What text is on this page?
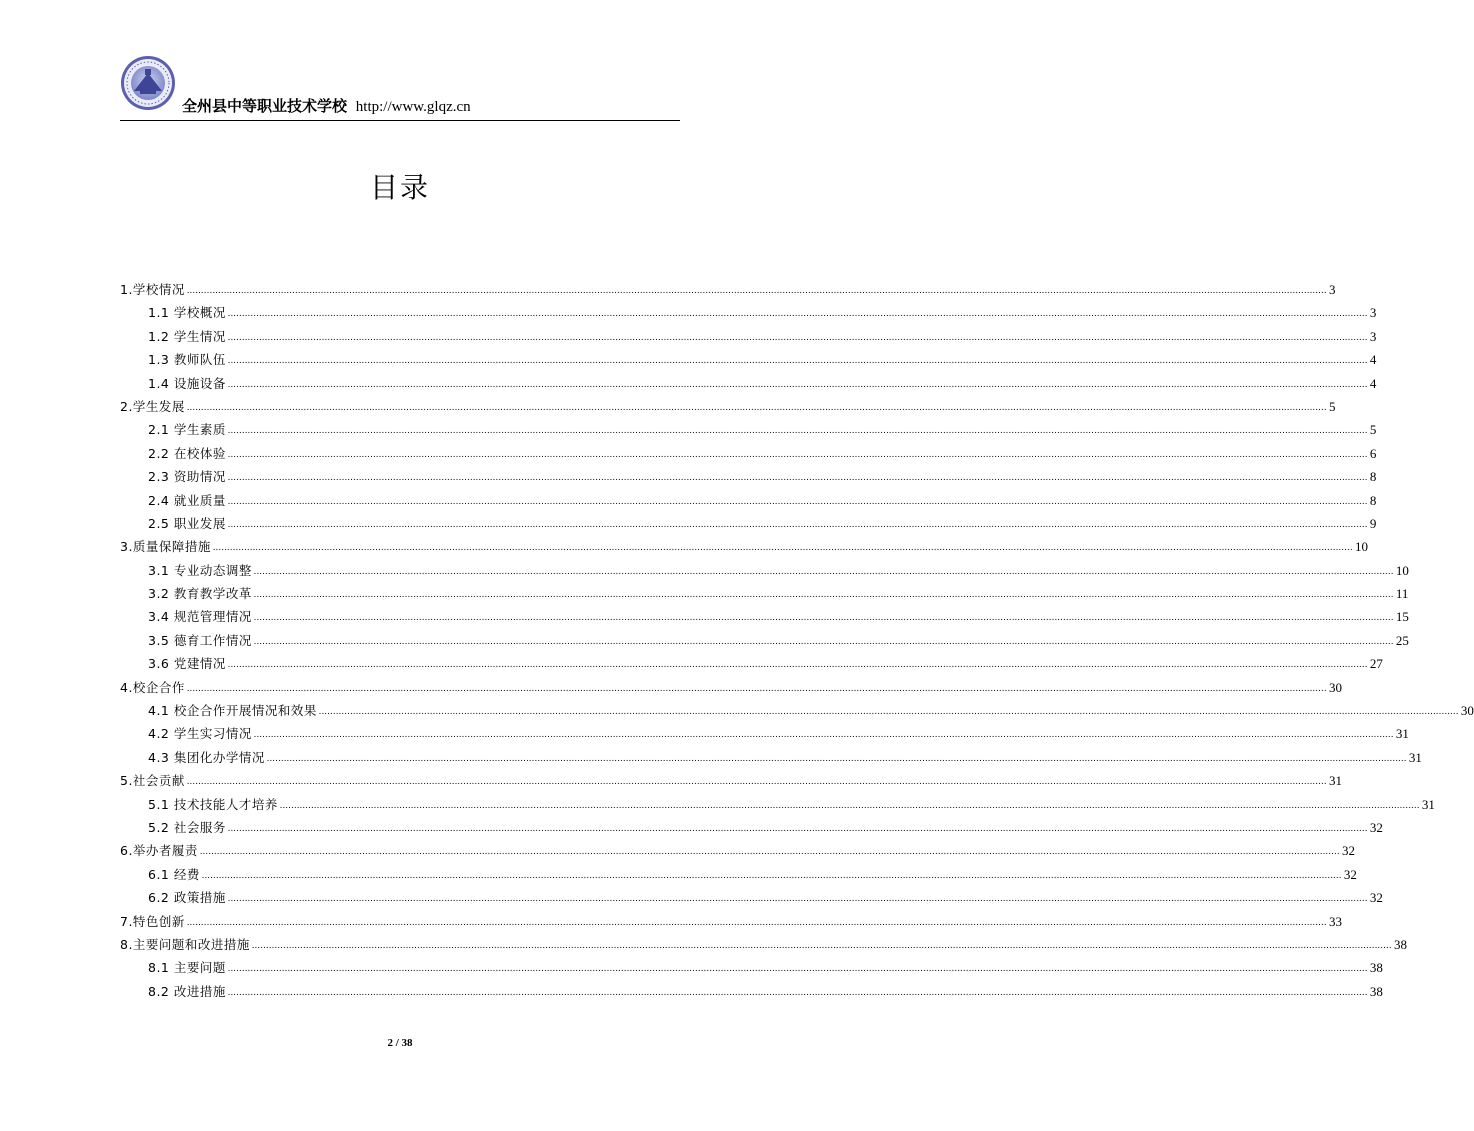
全州县中等职业技术学校 http://www.glqz.cn
目录
1.学校情况 ................................................................................................................................................................................................................................................................................................................................................................................................................ 3
1.1 学校概况 ................................................................................................................................................................................................................................................................................................................................................................................................................ 3
1.2 学生情况 ................................................................................................................................................................................................................................................................................................................................................................................................................ 3
1.3 教师队伍 ................................................................................................................................................................................................................................................................................................................................................................................................................ 4
1.4 设施设备 ................................................................................................................................................................................................................................................................................................................................................................................................................ 4
2.学生发展 ................................................................................................................................................................................................................................................................................................................................................................................................................ 5
2.1 学生素质 ................................................................................................................................................................................................................................................................................................................................................................................................................ 5
2.2 在校体验 ................................................................................................................................................................................................................................................................................................................................................................................................................ 6
2.3 资助情况 ................................................................................................................................................................................................................................................................................................................................................................................................................ 8
2.4 就业质量 ................................................................................................................................................................................................................................................................................................................................................................................................................ 8
2.5 职业发展 ................................................................................................................................................................................................................................................................................................................................................................................................................ 9
3.质量保障措施 ................................................................................................................................................................................................................................................................................................................................................................................................................ 10
3.1 专业动态调整 ................................................................................................................................................................................................................................................................................................................................................................................................................ 10
3.2 教育教学改革 ................................................................................................................................................................................................................................................................................................................................................................................................................ 11
3.4 规范管理情况 ................................................................................................................................................................................................................................................................................................................................................................................................................ 15
3.5 德育工作情况 ................................................................................................................................................................................................................................................................................................................................................................................................................ 25
3.6 党建情况 ................................................................................................................................................................................................................................................................................................................................................................................................................ 27
4.校企合作 ................................................................................................................................................................................................................................................................................................................................................................................................................ 30
4.1 校企合作开展情况和效果 ................................................................................................................................................................................................................................................................................................................................................................................................................ 30
4.2 学生实习情况 ................................................................................................................................................................................................................................................................................................................................................................................................................ 31
4.3 集团化办学情况 ................................................................................................................................................................................................................................................................................................................................................................................................................ 31
5.社会贡献 ................................................................................................................................................................................................................................................................................................................................................................................................................ 31
5.1 技术技能人才培养 ................................................................................................................................................................................................................................................................................................................................................................................................................ 31
5.2 社会服务 ................................................................................................................................................................................................................................................................................................................................................................................................................ 32
6.举办者履责 ................................................................................................................................................................................................................................................................................................................................................................................................................ 32
6.1 经费 ................................................................................................................................................................................................................................................................................................................................................................................................................ 32
6.2 政策措施 ................................................................................................................................................................................................................................................................................................................................................................................................................ 32
7.特色创新 ................................................................................................................................................................................................................................................................................................................................................................................................................ 33
8.主要问题和改进措施 ................................................................................................................................................................................................................................................................................................................................................................................................................ 38
8.1 主要问题 ................................................................................................................................................................................................................................................................................................................................................................................................................ 38
8.2 改进措施 ................................................................................................................................................................................................................................................................................................................................................................................................................ 38
2 / 38
